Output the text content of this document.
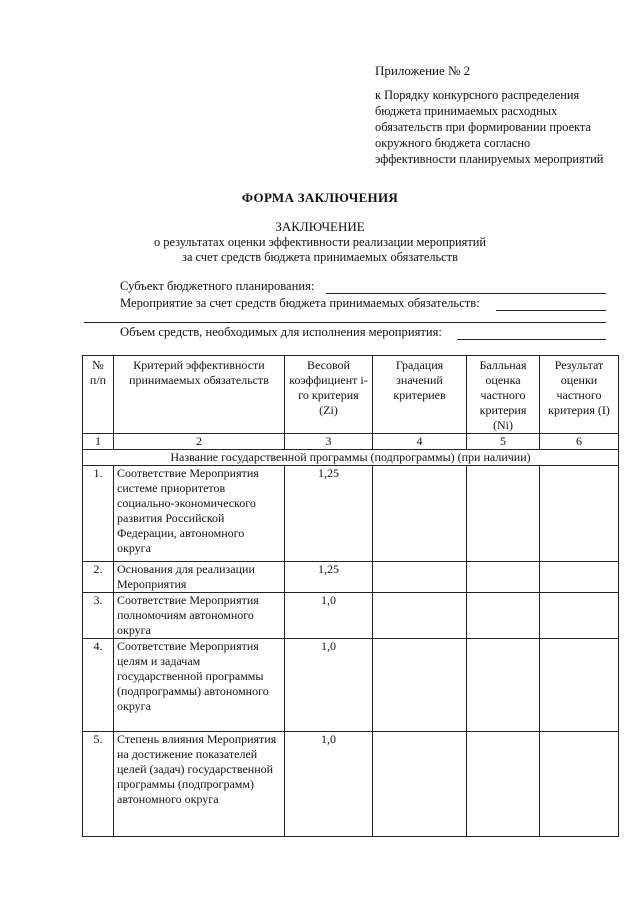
Приложение № 2
к Порядку конкурсного распределения
бюджета принимаемых расходных
обязательств при формировании проекта
окружного бюджета согласно
эффективности планируемых мероприятий
ФОРМА ЗАКЛЮЧЕНИЯ
ЗАКЛЮЧЕНИЕ
о результатах оценки эффективности реализации мероприятий
за счет средств бюджета принимаемых обязательств
Субъект бюджетного планирования:
Мероприятие за счет средств бюджета принимаемых обязательств:
Объем средств, необходимых для исполнения мероприятия:
№ п/п	Критерий эффективности принимаемых обязательств	Весовой коэффициент i-го критерия (Zi)	Градация значений критериев	Балльная оценка частного критерия (Ni)	Результат оценки частного критерия (I)
1	2	3	4	5	6
Название государственной программы (подпрограммы) (при наличии)					
1.	Соответствие Мероприятия системе приоритетов социально-экономического развития Российской Федерации, автономного округа	1,25			
2.	Основания для реализации Мероприятия	1,25			
3.	Соответствие Мероприятия полномочиям автономного округа	1,0			
4.	Соответствие Мероприятия целям и задачам государственной программы (подпрограммы) автономного округа	1,0			
5.	Степень влияния Мероприятия на достижение показателей целей (задач) государственной программы (подпрограмм) автономного округа	1,0			
